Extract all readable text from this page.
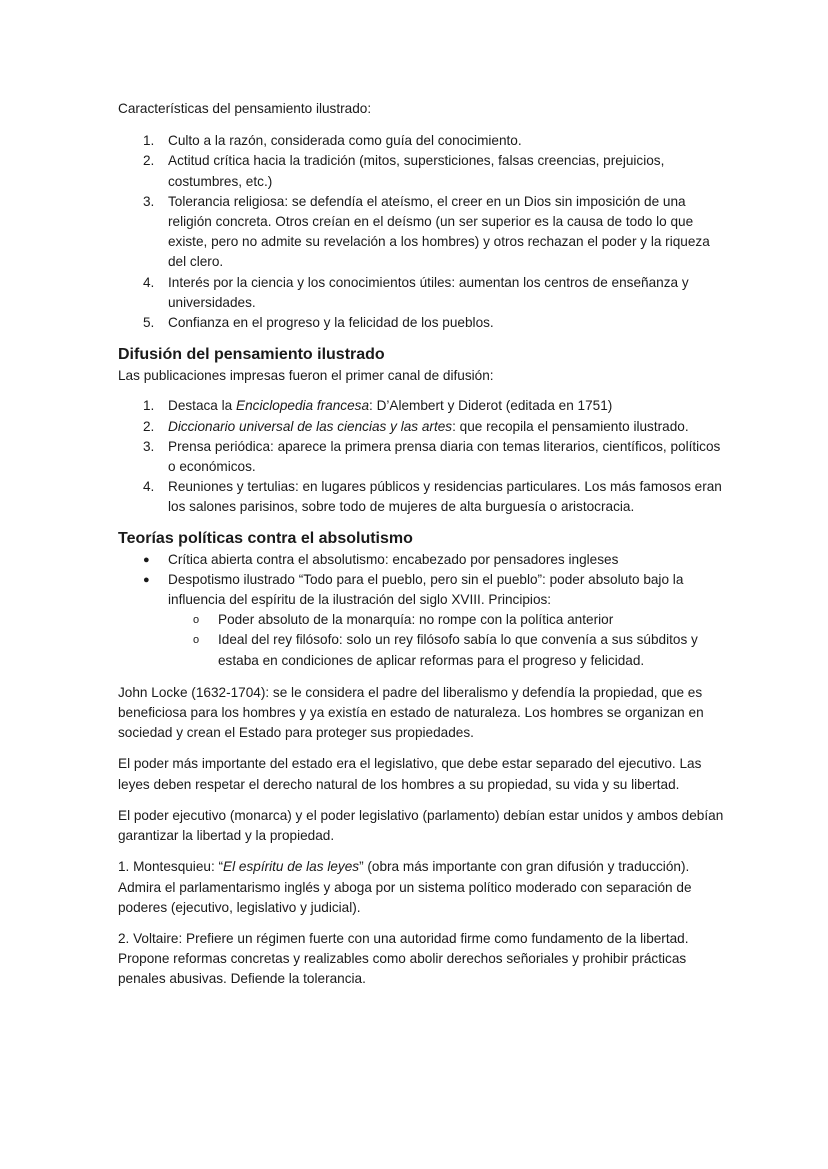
Características del pensamiento ilustrado:

1. Culto a la razón, considerada como guía del conocimiento.
2. Actitud crítica hacia la tradición (mitos, supersticiones, falsas creencias, prejuicios, costumbres, etc.)
3. Tolerancia religiosa: se defendía el ateísmo, el creer en un Dios sin imposición de una religión concreta. Otros creían en el deísmo (un ser superior es la causa de todo lo que existe, pero no admite su revelación a los hombres) y otros rechazan el poder y la riqueza del clero.
4. Interés por la ciencia y los conocimientos útiles: aumentan los centros de enseñanza y universidades.
5. Confianza en el progreso y la felicidad de los pueblos.
Difusión del pensamiento ilustrado

Las publicaciones impresas fueron el primer canal de difusión:

1. Destaca la Enciclopedia francesa: D’Alembert y Diderot (editada en 1751)
2. Diccionario universal de las ciencias y las artes: que recopila el pensamiento ilustrado.
3. Prensa periódica: aparece la primera prensa diaria con temas literarios, científicos, políticos o económicos.
4. Reuniones y tertulias: en lugares públicos y residencias particulares. Los más famosos eran los salones parisinos, sobre todo de mujeres de alta burguesía o aristocracia.
Teorías políticas contra el absolutismo
● Crítica abierta contra el absolutismo: encabezado por pensadores ingleses
● Despotismo ilustrado “Todo para el pueblo, pero sin el pueblo”: poder absoluto bajo la influencia del espíritu de la ilustración del siglo XVIII. Principios:
o Poder absoluto de la monarquía: no rompe con la política anterior
o Ideal del rey filósofo: solo un rey filósofo sabía lo que convenía a sus súbditos y estaba en condiciones de aplicar reformas para el progreso y felicidad.

John Locke (1632-1704): se le considera el padre del liberalismo y defendía la propiedad, que es beneficiosa para los hombres y ya existía en estado de naturaleza. Los hombres se organizan en sociedad y crean el Estado para proteger sus propiedades.

El poder más importante del estado era el legislativo, que debe estar separado del ejecutivo. Las leyes deben respetar el derecho natural de los hombres a su propiedad, su vida y su libertad.

El poder ejecutivo (monarca) y el poder legislativo (parlamento) debían estar unidos y ambos debían garantizar la libertad y la propiedad.

1. Montesquieu: “El espíritu de las leyes” (obra más importante con gran difusión y traducción). Admira el parlamentarismo inglés y aboga por un sistema político moderado con separación de poderes (ejecutivo, legislativo y judicial).

2. Voltaire: Prefiere un régimen fuerte con una autoridad firme como fundamento de la libertad. Propone reformas concretas y realizables como abolir derechos señoriales y prohibir prácticas penales abusivas. Defiende la tolerancia.
